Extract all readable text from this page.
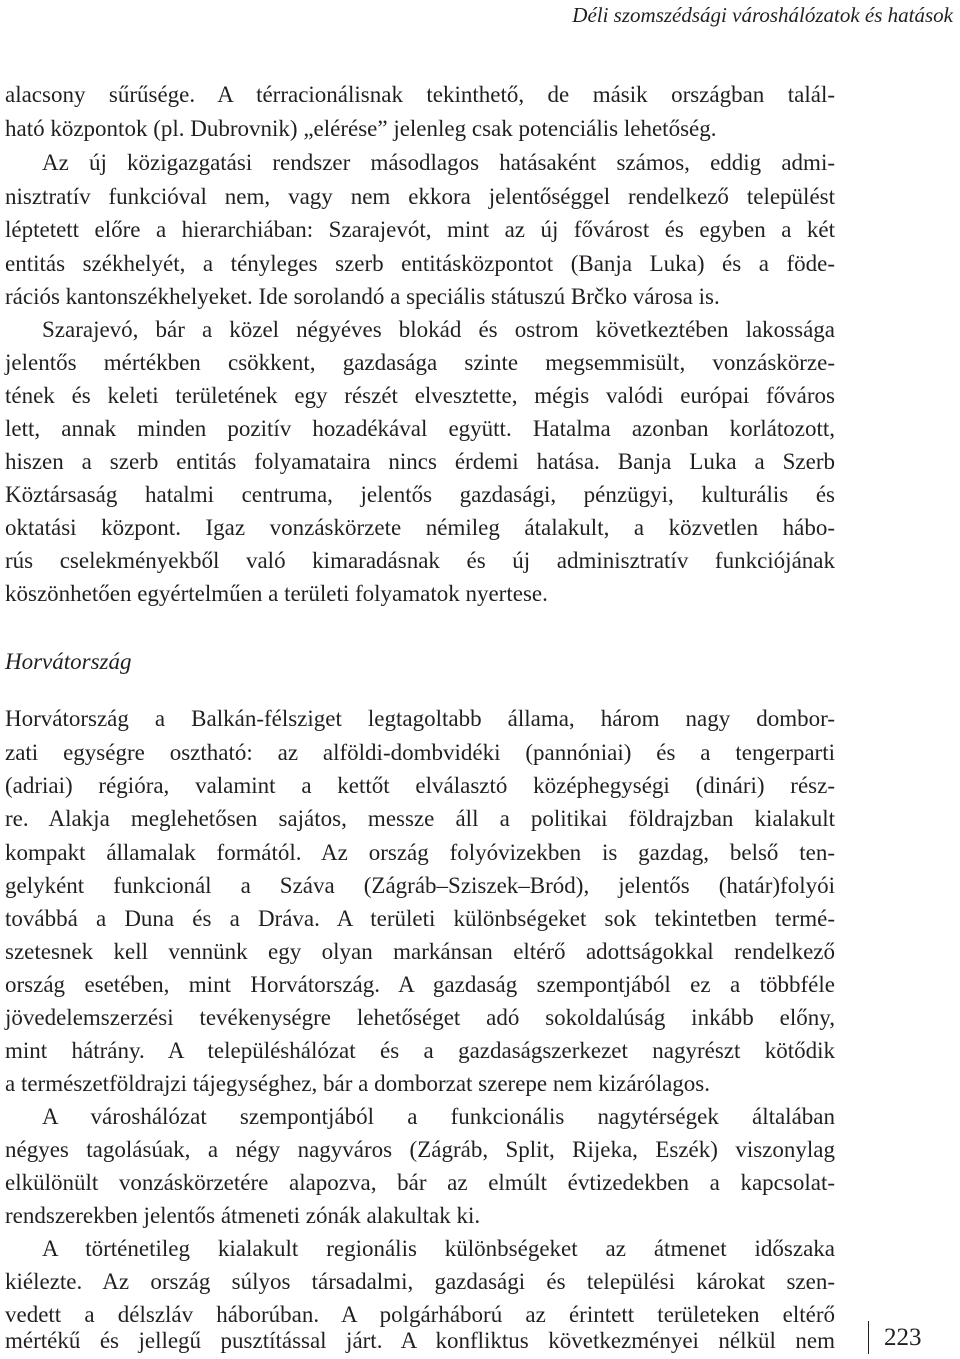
Déli szomszédsági városhálózatok és hatások
alacsony sűrűsége. A térracionálisnak tekinthető, de másik országban talál-
ható központok (pl. Dubrovnik) „elérése” jelenleg csak potenciális lehetőség.
Az új közigazgatási rendszer másodlagos hatásaként számos, eddig admi-
nisztratív funkcióval nem, vagy nem ekkora jelentőséggel rendelkező települést
léptetett előre a hierarchiában: Szarajevót, mint az új fővárost és egyben a két
entitás székhelyét, a tényleges szerb entitásközpontot (Banja Luka) és a föde-
rációs kantonszékhelyeket. Ide sorolandó a speciális státuszú Brčko városa is.
Szarajevó, bár a közel négyéves blokád és ostrom következtében lakossága
jelentős mértékben csökkent, gazdasága szinte megsemmisült, vonzáskörze-
tének és keleti területének egy részét elvesztette, mégis valódi európai főváros
lett, annak minden pozitív hozadékával együtt. Hatalma azonban korlátozott,
hiszen a szerb entitás folyamataira nincs érdemi hatása. Banja Luka a Szerb
Köztársaság hatalmi centruma, jelentős gazdasági, pénzügyi, kulturális és
oktatási központ. Igaz vonzáskörzete némileg átalakult, a közvetlen hábo-
rús cselekményekből való kimaradásnak és új adminisztratív funkciójának
köszönhetően egyértelműen a területi folyamatok nyertese.
Horvátország
Horvátország a Balkán-félsziget legtagoltabb állama, három nagy dombor-
zati egységre osztható: az alföldi-dombvidéki (pannóniai) és a tengerparti
(adriai) régióra, valamint a kettőt elválasztó középhegységi (dinári) rész-
re. Alakja meglehetősen sajátos, messze áll a politikai földrajzban kialakult
kompakt államalak formától. Az ország folyóvizekben is gazdag, belső ten-
gelyként funkcionál a Száva (Zágráb–Sziszek–Bród), jelentős (határ)folyói
továbbá a Duna és a Dráva. A területi különbségeket sok tekintetben termé-
szetesnek kell vennünk egy olyan markánsan eltérő adottságokkal rendelkező
ország esetében, mint Horvátország. A gazdaság szempontjából ez a többféle
jövedelemszerzési tevékenységre lehetőséget adó sokoldalúság inkább előny,
mint hátrány. A településhálózat és a gazdaságszerkezet nagyrészt kötődik
a természetföldrajzi tájegységhez, bár a domborzat szerepe nem kizárólagos.
A városhálózat szempontjából a funkcionális nagytérségek általában
négyes tagolásúak, a négy nagyváros (Zágráb, Split, Rijeka, Eszék) viszonylag
elkülönült vonzáskörzetére alapozva, bár az elmúlt évtizedekben a kapcsolat-
rendszerekben jelentős átmeneti zónák alakultak ki.
A történetileg kialakult regionális különbségeket az átmenet időszaka
kiélezte. Az ország súlyos társadalmi, gazdasági és települési károkat szen-
vedett a délszláv háborúban. A polgárháború az érintett területeken eltérő
mértékű és jellegű pusztítással járt. A konfliktus következményei nélkül nem	223
